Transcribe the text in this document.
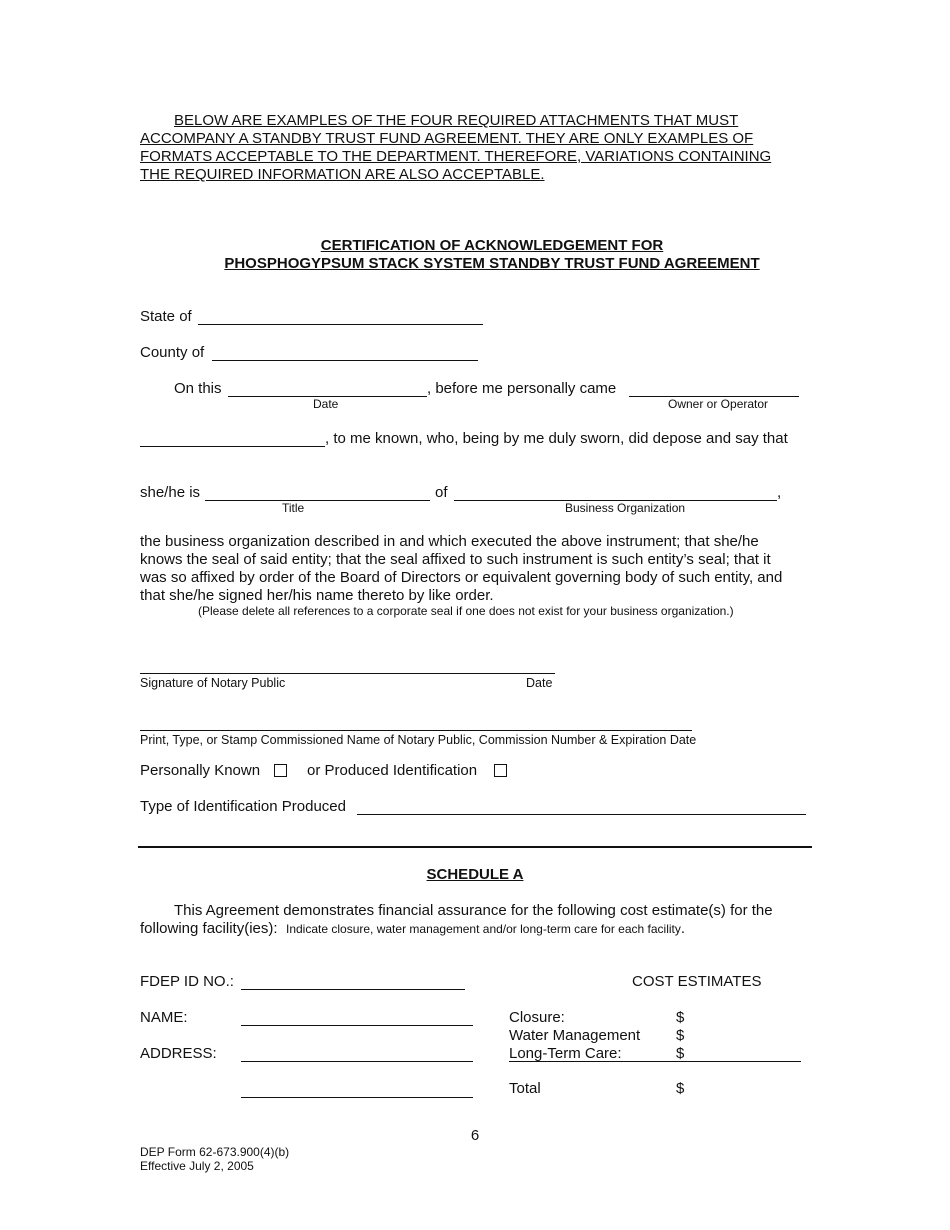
BELOW ARE EXAMPLES OF THE FOUR REQUIRED ATTACHMENTS THAT MUST
ACCOMPANY A STANDBY TRUST FUND AGREEMENT. THEY ARE ONLY EXAMPLES OF
FORMATS ACCEPTABLE TO THE DEPARTMENT. THEREFORE, VARIATIONS CONTAINING
THE REQUIRED INFORMATION ARE ALSO ACCEPTABLE.
CERTIFICATION OF ACKNOWLEDGEMENT FOR
PHOSPHOGYPSUM STACK SYSTEM STANDBY TRUST FUND AGREEMENT
State of
County of
On this	, before me personally came
Date	Owner or Operator
, to me known, who, being by me duly sworn, did depose and say that
she/he is	of	,
Title	Business Organization
the business organization described in and which executed the above instrument; that she/he
knows the seal of said entity; that the seal affixed to such instrument is such entity’s seal; that it
was so affixed by order of the Board of Directors or equivalent governing body of such entity, and
that she/he signed her/his name thereto by like order.
(Please delete all references to a corporate seal if one does not exist for your business organization.)
Signature of Notary Public	Date
Print, Type, or Stamp Commissioned Name of Notary Public, Commission Number & Expiration Date
Personally Known	or Produced Identification
Type of Identification Produced
SCHEDULE A
This Agreement demonstrates financial assurance for the following cost estimate(s) for the
following facility(ies): Indicate closure, water management and/or long-term care for each facility.
FDEP ID NO.:
NAME:
ADDRESS:
COST ESTIMATES
Closure:	$
Water Management $
Long-Term Care:	$
Total	$
6
DEP Form 62-673.900(4)(b)
Effective July 2, 2005
